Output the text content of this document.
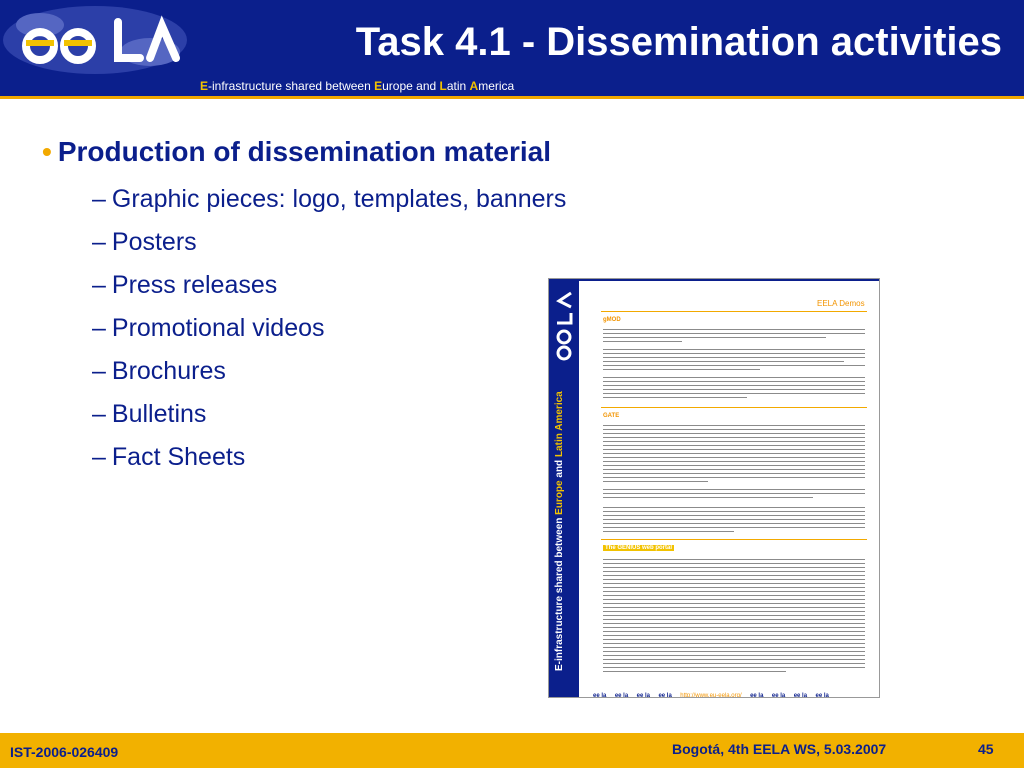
Task 4.1 - Dissemination activities
E-infrastructure shared between Europe and Latin America
• Production of dissemination material
– Graphic pieces: logo, templates, banners
– Posters
– Press releases
– Promotional videos
– Brochures
– Bulletins
– Fact Sheets
E-infrastructure shared between Europe and Latin America
EELA Demos
gMOD
GATE
The GENIUS web portal
ee la ee la ee la ee la http://www.eu-eela.org/ ee la ee la ee la ee la
IST-2006-026409	Bogotá, 4th EELA WS, 5.03.2007	45
